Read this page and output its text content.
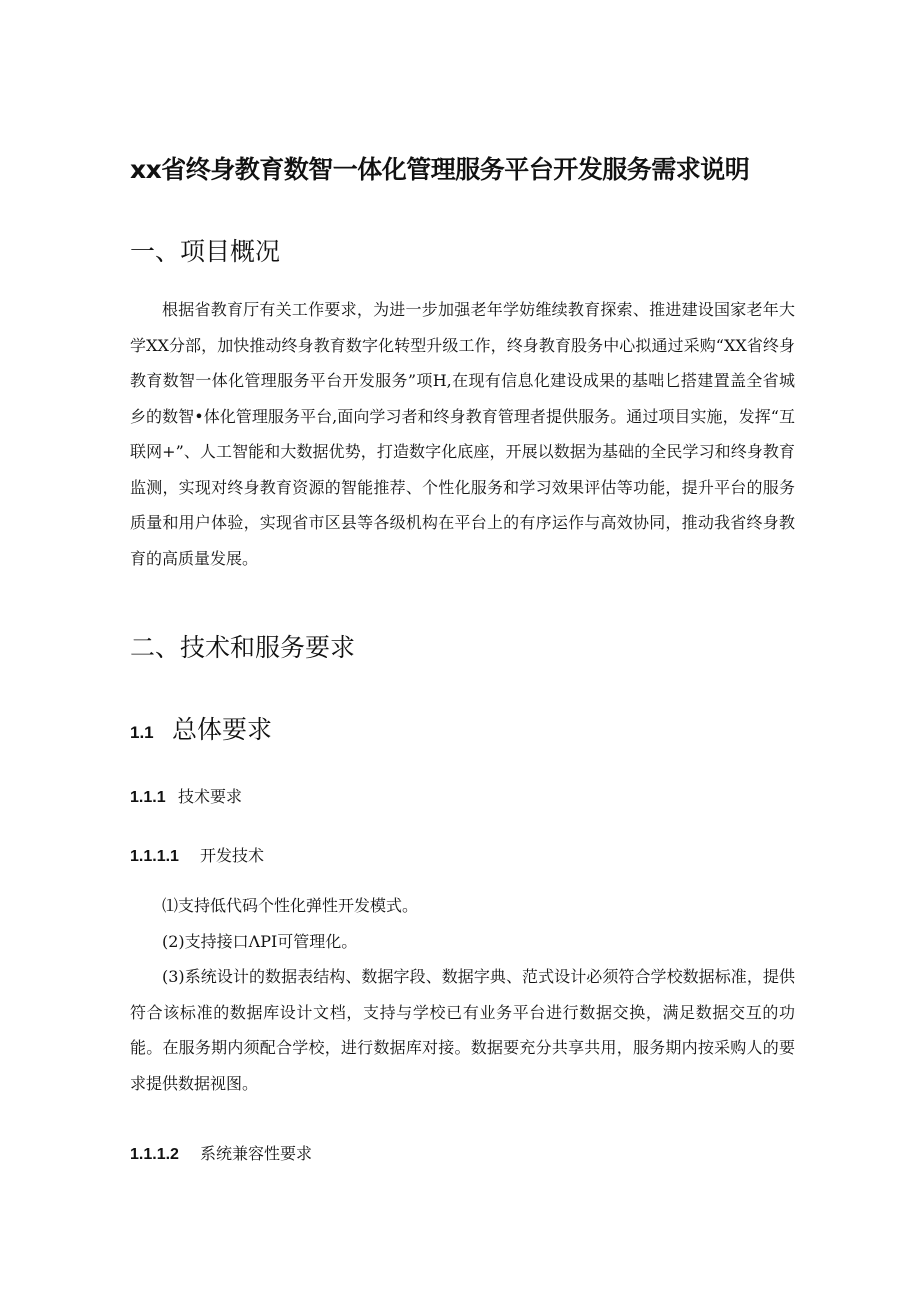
xx省终身教育数智一体化管理服务平台开发服务需求说明
一、项目概况

根据省教育厅有关工作要求，为进一步加强老年学妨维续教育探索、推进建设国家老年大学XX分部，加快推动终身教育数字化转型升级工作，终身教育股务中心拟通过采购“XX省终身教育数智一体化管理服务平台开发服务”项H,在现有信息化建设成果的基咄匕搭建置盖全省城乡的数智•体化管理服务平台,面向学习者和终身教育管理者提供服务。通过项目实施，发挥“互联网+”、人工智能和大数据优势，打造数字化底座，开展以数据为基础的全民学习和终身教育监测，实现对终身教育资源的智能推荐、个性化服务和学习效果评估等功能，提升平台的服务质量和用户体验，实现省市区县等各级机构在平台上的有序运作与高效协同，推动我省终身教育的高质量发展。

二、技术和服务要求
1.1 总体要求
1.1.1 技术要求
1.1.1.1 开发技术

⑴支持低代码个性化弹性开发模式。

(2)支持接口ΛPI可管理化。

(3)系统设计的数据表结构、数据字段、数据字典、范式设计必须符合学校数据标准，提供符合该标准的数据库设计文档，支持与学校已有业务平台进行数据交换，满足数据交互的功能。在服务期内须配合学校，进行数据库对接。数据要充分共享共用，服务期内按采购人的要求提供数据视图。

1.1.1.2 系统兼容性要求
